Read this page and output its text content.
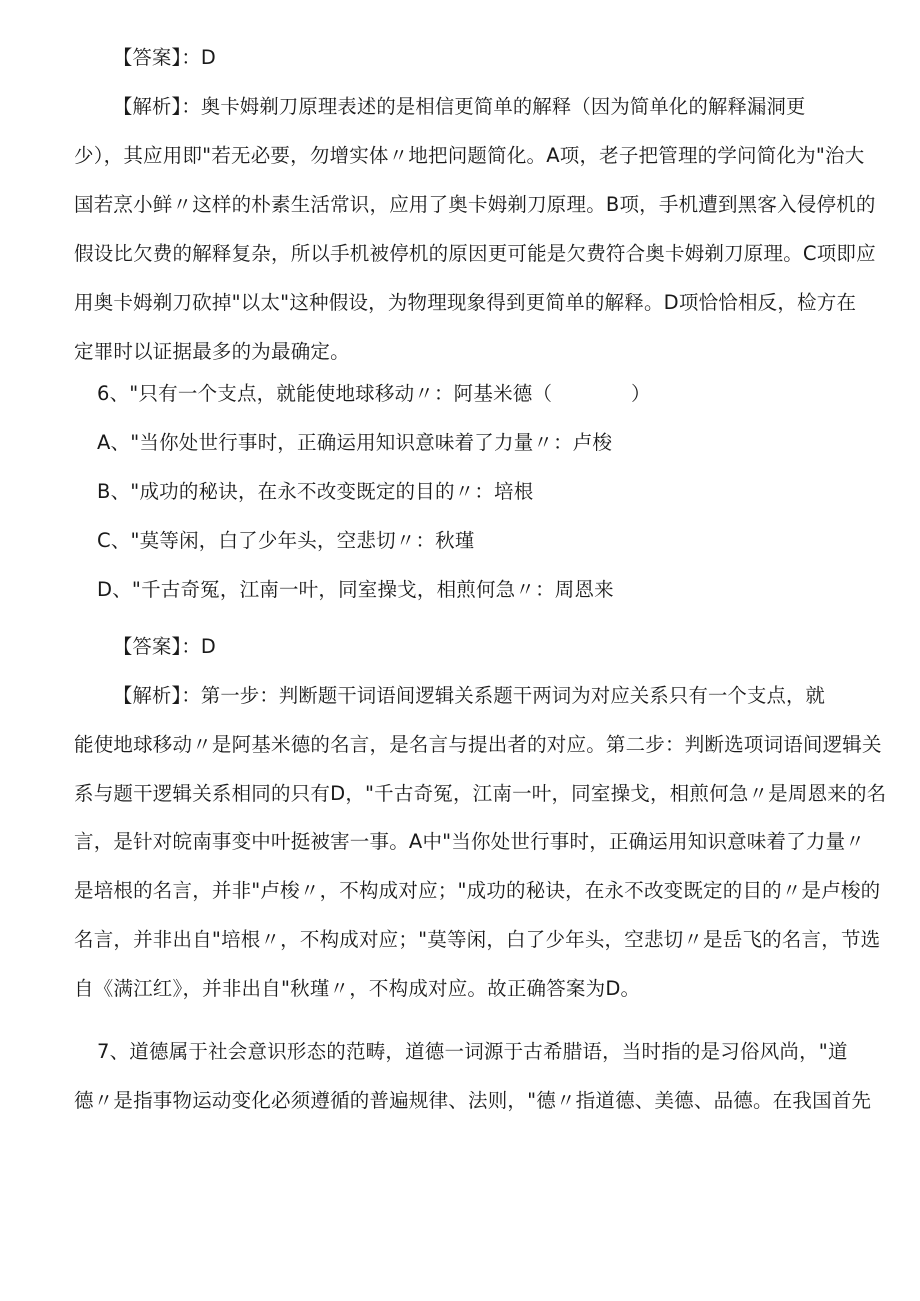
【答案】：D
【解析】：奥卡姆剃刀原理表述的是相信更简单的解释（因为简单化的解释漏洞更
少），其应用即"若无必要，勿增实体〃地把问题简化。A项，老子把管理的学问简化为"治大
国若烹小鲜〃这样的朴素生活常识，应用了奥卡姆剃刀原理。B项，手机遭到黑客入侵停机的
假设比欠费的解释复杂，所以手机被停机的原因更可能是欠费符合奥卡姆剃刀原理。C项即应
用奥卡姆剃刀砍掉"以太"这种假设，为物理现象得到更简单的解释。D项恰恰相反，检方在
定罪时以证据最多的为最确定。
6、"只有一个支点，就能使地球移动〃：阿基米德（　　　　）
A、"当你处世行事时，正确运用知识意味着了力量〃：卢梭
B、"成功的秘诀，在永不改变既定的目的〃：培根
C、"莫等闲，白了少年头，空悲切〃：秋瑾
D、"千古奇冤，江南一叶，同室操戈，相煎何急〃：周恩来
【答案】：D
【解析】：第一步：判断题干词语间逻辑关系题干两词为对应关系只有一个支点，就
能使地球移动〃是阿基米德的名言，是名言与提出者的对应。第二步：判断选项词语间逻辑关
系与题干逻辑关系相同的只有D，"千古奇冤，江南一叶，同室操戈，相煎何急〃是周恩来的名
言，是针对皖南事变中叶挺被害一事。A中"当你处世行事时，正确运用知识意味着了力量〃
是培根的名言，并非"卢梭〃，不构成对应；"成功的秘诀，在永不改变既定的目的〃是卢梭的
名言，并非出自"培根〃，不构成对应；"莫等闲，白了少年头，空悲切〃是岳飞的名言，节选
自《满江红》，并非出自"秋瑾〃，不构成对应。故正确答案为D。
7、道德属于社会意识形态的范畴，道德一词源于古希腊语，当时指的是习俗风尚，"道
德〃是指事物运动变化必须遵循的普遍规律、法则，"德〃指道德、美德、品德。在我国首先
